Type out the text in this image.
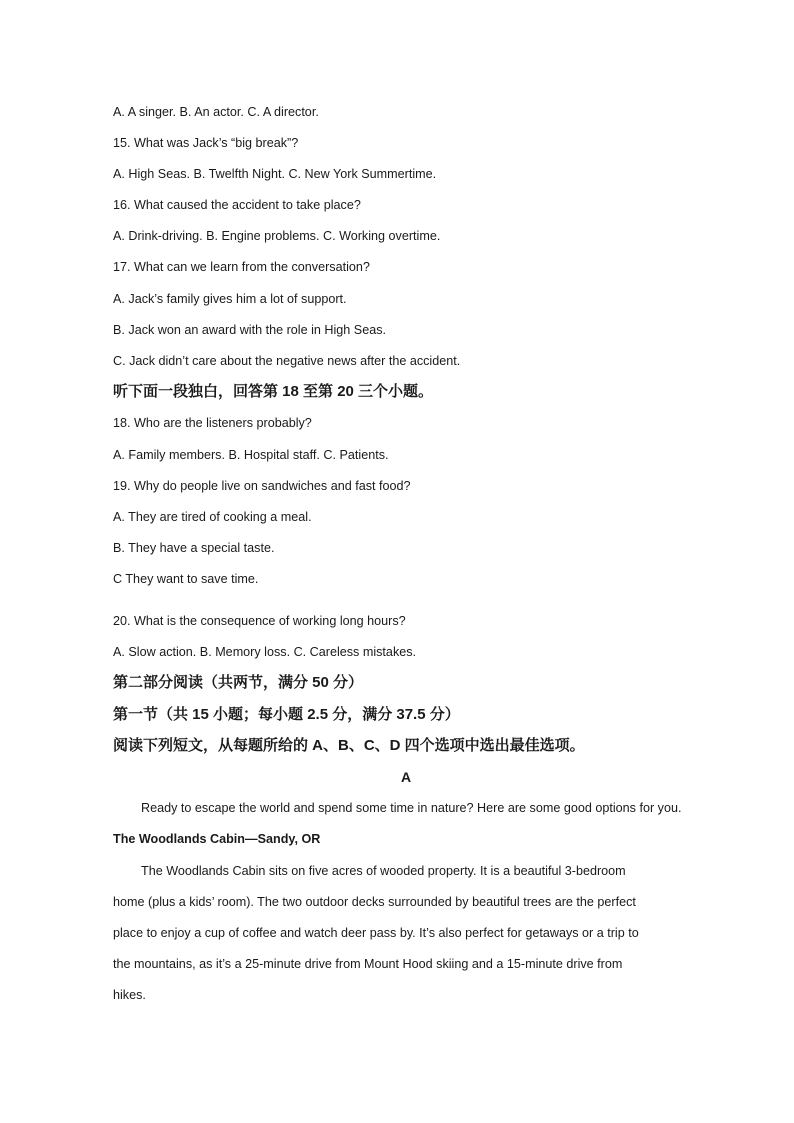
A. A singer. B. An actor. C. A director.
15. What was Jack’s “big break”?
A. High Seas. B. Twelfth Night. C. New York Summertime.
16. What caused the accident to take place?
A. Drink-driving. B. Engine problems. C. Working overtime.
17. What can we learn from the conversation?
A. Jack’s family gives him a lot of support.
B. Jack won an award with the role in High Seas.
C. Jack didn’t care about the negative news after the accident.
听下面一段独白，回答第 18 至第 20 三个小题。
18. Who are the listeners probably?
A. Family members. B. Hospital staff. C. Patients.
19. Why do people live on sandwiches and fast food?
A. They are tired of cooking a meal.
B. They have a special taste.
C They want to save time.
20. What is the consequence of working long hours?
A. Slow action. B. Memory loss. C. Careless mistakes.
第二部分阅读（共两节，满分 50 分）
第一节（共 15 小题；每小题 2.5 分，满分 37.5 分）
阅读下列短文，从每题所给的 A、B、C、D 四个选项中选出最佳选项。
A
Ready to escape the world and spend some time in nature? Here are some good options for you.
The Woodlands Cabin—Sandy, OR
The Woodlands Cabin sits on five acres of wooded property. It is a beautiful 3-bedroom
home (plus a kids’ room). The two outdoor decks surrounded by beautiful trees are the perfect
place to enjoy a cup of coffee and watch deer pass by. It’s also perfect for getaways or a trip to
the mountains, as it’s a 25-minute drive from Mount Hood skiing and a 15-minute drive from
hikes.
